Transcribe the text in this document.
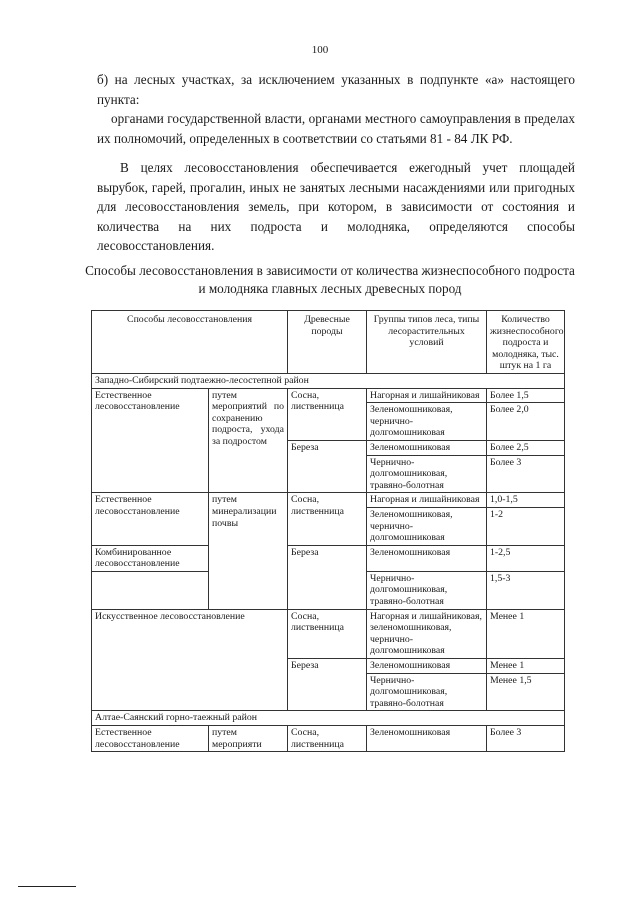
100

б) на лесных участках, за исключением указанных в подпункте «а» настоящего пункта:

органами государственной власти, органами местного самоуправления в пределах их полномочий, определенных в соответствии со статьями 81 - 84 ЛК РФ.

В целях лесовосстановления обеспечивается ежегодный учет площадей вырубок, гарей, прогалин, иных не занятых лесными насаждениями или пригодных для лесовосстановления земель, при котором, в зависимости от состояния и количества на них подроста и молодняка, определяются способы лесовосстановления.

Способы лесовосстановления в зависимости от количества жизнеспособного подроста и молодняка главных лесных древесных пород

Способы лесовосстановления		Древесные породы	Группы типов леса, типы лесорастительных условий	Количество жизнеспособного подроста и молодняка, тыс. штук на 1 га
Западно-Сибирский подтаежно-лесостепной район				
Естественное лесовосстановление	путем мероприятий по сохранению подроста, ухода за подростом	Сосна, лиственница	Нагорная и лишайниковая	Более 1,5
			Зеленомошниковая, чернично-долгомошниковая	Более 2,0
		Береза	Зеленомошниковая	Более 2,5
			Чернично-долгомошниковая, травяно-болотная	Более 3
Естественное лесовосстановление	путем минерализации почвы	Сосна, лиственница	Нагорная и лишайниковая	1,0-1,5
			Зеленомошниковая, чернично-долгомошниковая	1-2
Комбинированное лесовосстановление		Береза	Зеленомошниковая	1-2,5
			Чернично-долгомошниковая, травяно-болотная	1,5-3
Искусственное лесовосстановление		Сосна, лиственница	Нагорная и лишайниковая, зеленомошниковая, чернично-долгомошниковая	Менее 1
		Береза	Зеленомошниковая	Менее 1
			Чернично-долгомошниковая, травяно-болотная	Менее 1,5
Алтае-Саянский горно-таежный район				
Естественное лесовосстановление	путем мероприяти	Сосна, лиственница	Зеленомошниковая	Более 3
